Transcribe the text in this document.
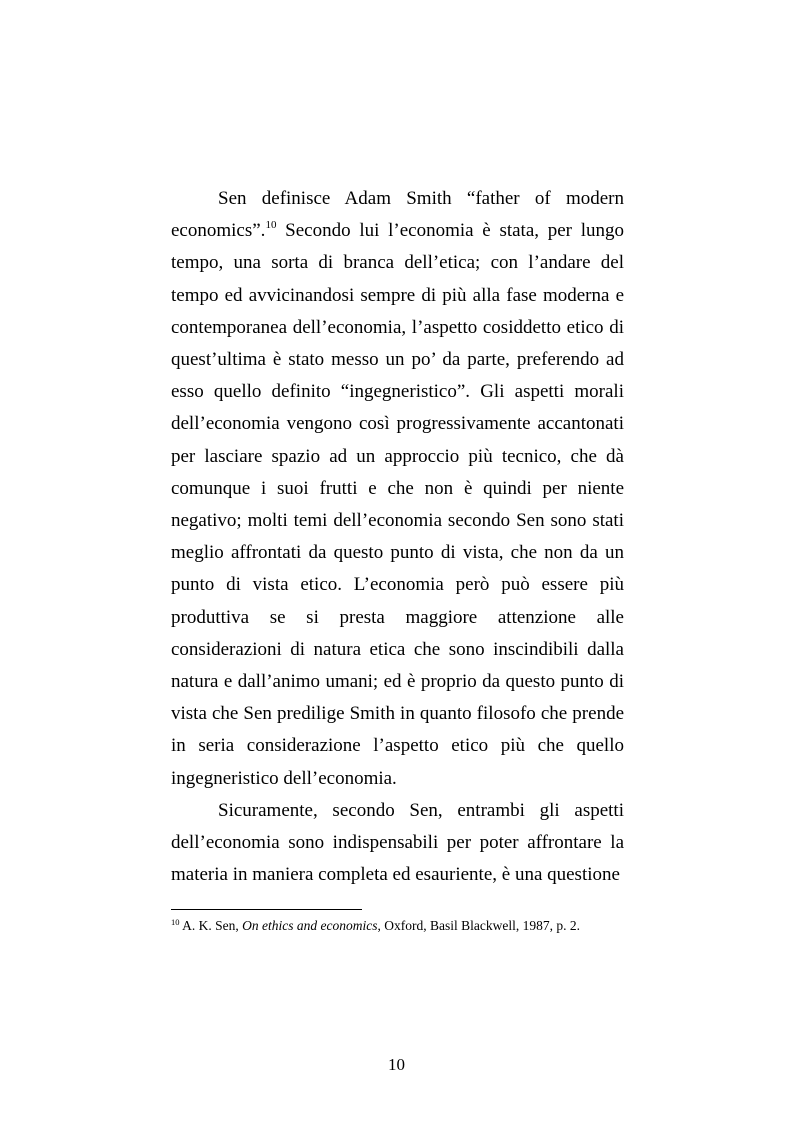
Sen definisce Adam Smith “father of modern economics”.$^{10}$ Secondo lui l’economia è stata, per lungo tempo, una sorta di branca dell’etica; con l’andare del tempo ed avvicinandosi sempre di più alla fase moderna e contemporanea dell’economia, l’aspetto cosiddetto etico di quest’ultima è stato messo un po’ da parte, preferendo ad esso quello definito “ingegneristico”. Gli aspetti morali dell’economia vengono così progressivamente accantonati per lasciare spazio ad un approccio più tecnico, che dà comunque i suoi frutti e che non è quindi per niente negativo; molti temi dell’economia secondo Sen sono stati meglio affrontati da questo punto di vista, che non da un punto di vista etico. L’economia però può essere più produttiva se si presta maggiore attenzione alle considerazioni di natura etica che sono inscindibili dalla natura e dall’animo umani; ed è proprio da questo punto di vista che Sen predilige Smith in quanto filosofo che prende in seria considerazione l’aspetto etico più che quello ingegneristico dell’economia.

Sicuramente, secondo Sen, entrambi gli aspetti dell’economia sono indispensabili per poter affrontare la materia in maniera completa ed esauriente, è una questione

$^{10}$ A. K. Sen, On ethics and economics, Oxford, Basil Blackwell, 1987, p. 2.
10
